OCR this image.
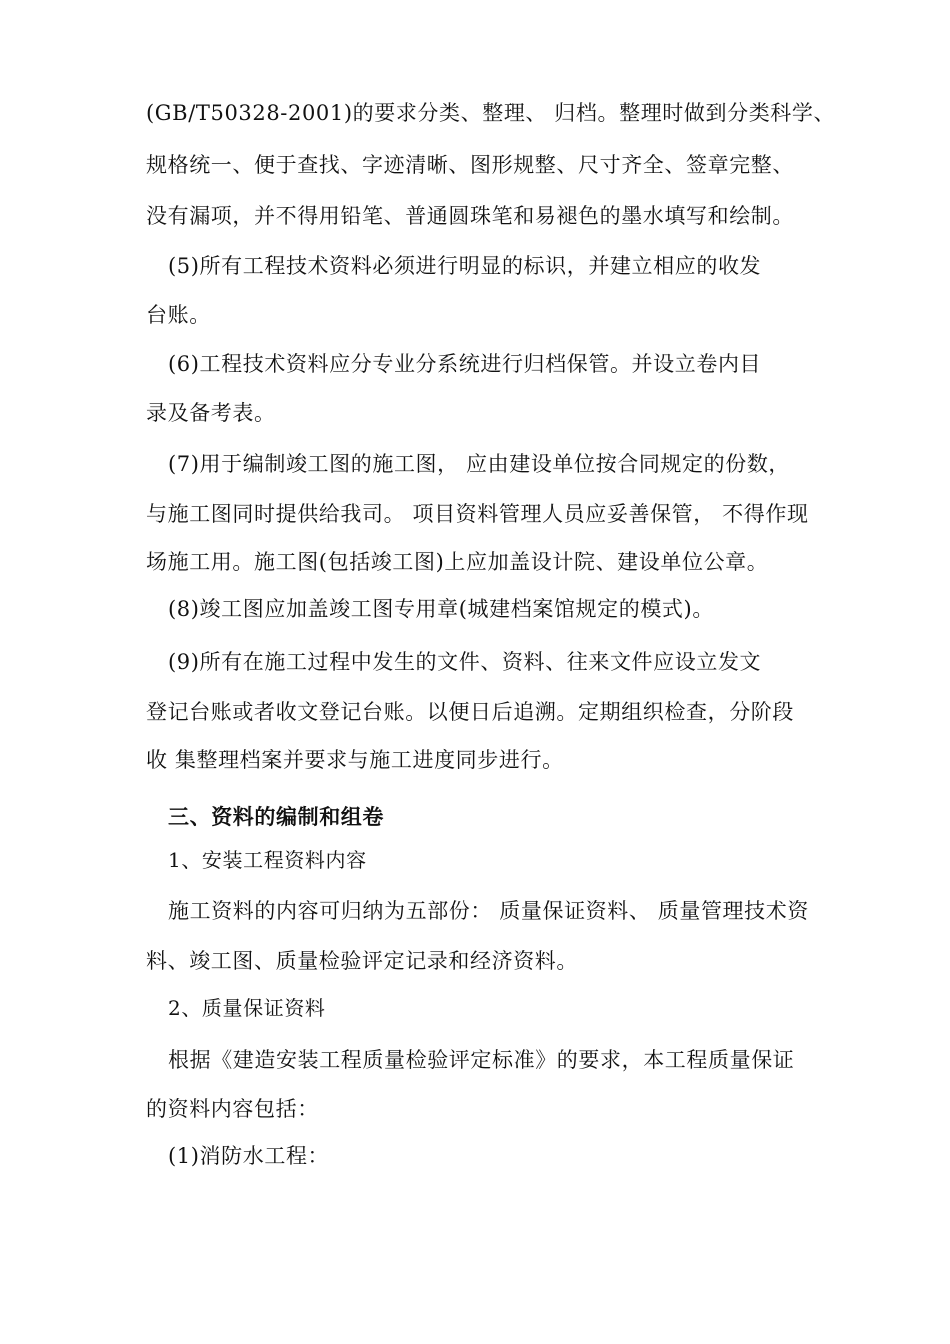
(GB/T50328-2001)的要求分类、整理、 归档。整理时做到分类科学、
规格统一、便于查找、字迹清晰、图形规整、尺寸齐全、签章完整、
没有漏项，并不得用铅笔、普通圆珠笔和易褪色的墨水填写和绘制。
(5)所有工程技术资料必须进行明显的标识，并建立相应的收发
台账。
(6)工程技术资料应分专业分系统进行归档保管。并设立卷内目
录及备考表。
(7)用于编制竣工图的施工图， 应由建设单位按合同规定的份数，
与施工图同时提供给我司。 项目资料管理人员应妥善保管， 不得作现
场施工用。施工图(包括竣工图)上应加盖设计院、建设单位公章。
(8)竣工图应加盖竣工图专用章(城建档案馆规定的模式)。
(9)所有在施工过程中发生的文件、资料、往来文件应设立发文
登记台账或者收文登记台账。以便日后追溯。定期组织检查，分阶段
收 集整理档案并要求与施工进度同步进行。
三、资料的编制和组卷
1、安装工程资料内容
施工资料的内容可归纳为五部份： 质量保证资料、 质量管理技术资
料、竣工图、质量检验评定记录和经济资料。
2、质量保证资料
根据《建造安装工程质量检验评定标准》的要求，本工程质量保证
的资料内容包括：
(1)消防水工程：
